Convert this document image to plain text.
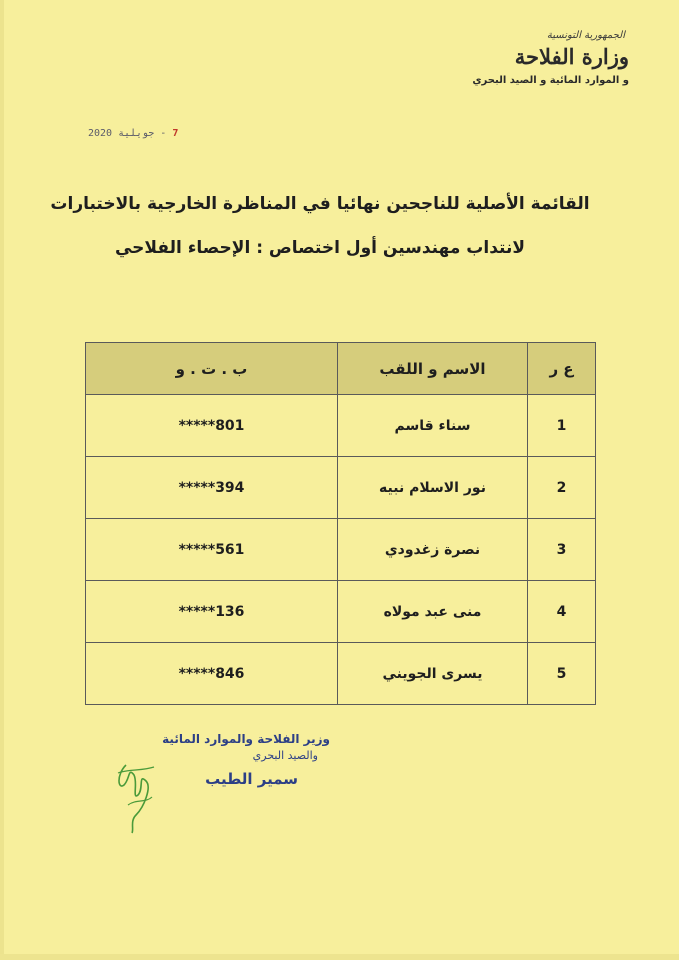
الجمهورية التونسية
وزارة الفلاحة
و الموارد المائية و الصيد البحري
7 - جويلية 2020
القائمة الأصلية للناجحين نهائيا في المناظرة الخارجية بالاختبارات
لانتداب مهندسين أول اختصاص : الإحصاء الفلاحي
ع ر	الاسم و اللقب	ب . ت . و
1	سناء قاسم	801*****
2	نور الاسلام نبيه	394*****
3	نصرة زغدودي	561*****
4	منى عبد مولاه	136*****
5	يسرى الجويني	846*****
وزير الفلاحة والموارد المائية
والصيد البحري
سمير الطيب
